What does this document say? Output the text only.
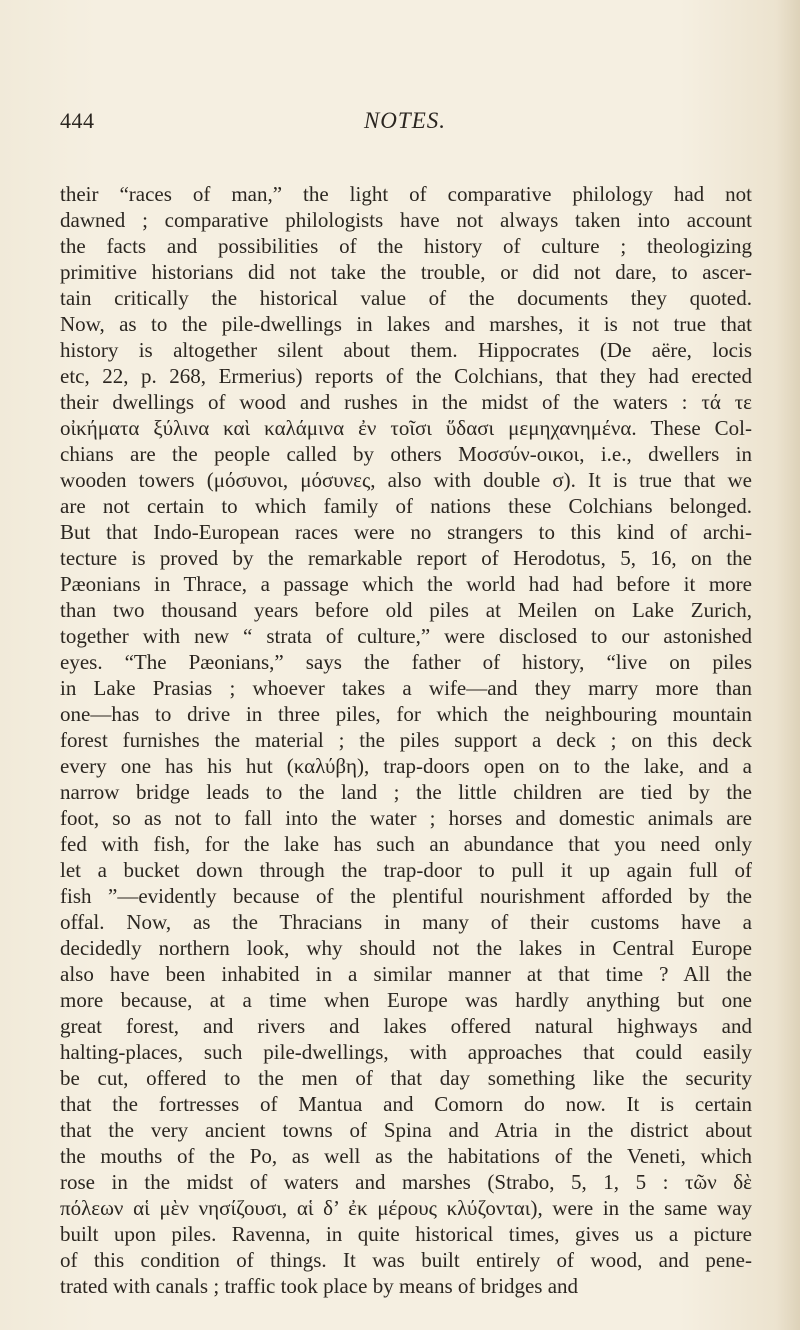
444	NOTES.
their “races of man,” the light of comparative philology had not
dawned ; comparative philologists have not always taken into account
the facts and possibilities of the history of culture ; theologizing
primitive historians did not take the trouble, or did not dare, to ascer-
tain critically the historical value of the documents they quoted.
Now, as to the pile-dwellings in lakes and marshes, it is not true that
history is altogether silent about them. Hippocrates (De aëre, locis
etc, 22, p. 268, Ermerius) reports of the Colchians, that they had erected
their dwellings of wood and rushes in the midst of the waters : τά τε
οἰκήματα ξύλινα καὶ καλάμινα ἐν τοῖσι ὕδασι μεμηχανημένα. These Col-
chians are the people called by others Μοσσύν-οικοι, i.e., dwellers in
wooden towers (μόσυνοι, μόσυνες, also with double σ). It is true that we
are not certain to which family of nations these Colchians belonged.
But that Indo-European races were no strangers to this kind of archi-
tecture is proved by the remarkable report of Herodotus, 5, 16, on the
Pæonians in Thrace, a passage which the world had had before it more
than two thousand years before old piles at Meilen on Lake Zurich,
together with new “ strata of culture,” were disclosed to our astonished
eyes. “The Pæonians,” says the father of history, “live on piles
in Lake Prasias ; whoever takes a wife—and they marry more than
one—has to drive in three piles, for which the neighbouring mountain
forest furnishes the material ; the piles support a deck ; on this deck
every one has his hut (καλύβη), trap-doors open on to the lake, and a
narrow bridge leads to the land ; the little children are tied by the
foot, so as not to fall into the water ; horses and domestic animals are
fed with fish, for the lake has such an abundance that you need only
let a bucket down through the trap-door to pull it up again full of
fish ”—evidently because of the plentiful nourishment afforded by the
offal. Now, as the Thracians in many of their customs have a
decidedly northern look, why should not the lakes in Central Europe
also have been inhabited in a similar manner at that time ? All the
more because, at a time when Europe was hardly anything but one
great forest, and rivers and lakes offered natural highways and
halting-places, such pile-dwellings, with approaches that could easily
be cut, offered to the men of that day something like the security
that the fortresses of Mantua and Comorn do now. It is certain
that the very ancient towns of Spina and Atria in the district about
the mouths of the Po, as well as the habitations of the Veneti, which
rose in the midst of waters and marshes (Strabo, 5, 1, 5 : τῶν δὲ
πόλεων αἱ μὲν νησίζουσι, αἱ δ’ ἐκ μέρους κλύζονται), were in the same way
built upon piles. Ravenna, in quite historical times, gives us a picture
of this condition of things. It was built entirely of wood, and pene-
trated with canals ; traffic took place by means of bridges and
